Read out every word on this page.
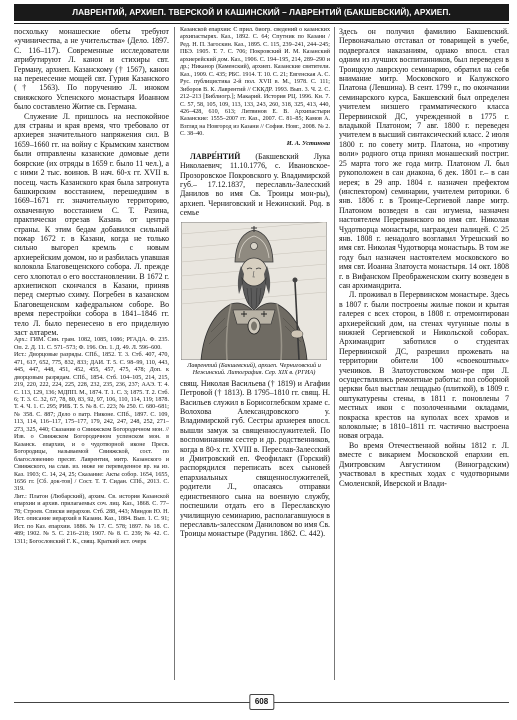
ЛАВРЕНТИЙ, АРХИЕП. ТВЕРСКОЙ И КАШИНСКИЙ – ЛАВРЕНТИЙ (БАКШЕВСКИЙ), АРХИЕП.

посхольку монашеские обеты требуют «учиничества, а не учительства» (Дело. 1897. С. 116–117). Современные исследователи атрибутируют Л. канон и стихиры свт. Герману, архиеп. Казанскому († 1567), канон на перенесение мощей свт. Гурия Казанского († 1563). По поручению Л. иноком свияжского Успенского монастыря Иоанном было составлено Житие св. Германа.

Служение Л. пришлось на неспокойное для страны и края время, что требовало от архиерея значительного напряжения сил. В 1659–1660 гг. на войну с Крымским ханством были отправлены казанские домовые дети боярские (их отряды в 1659 г. было 11 чел.), а с ними 2 тыс. воинов. В нач. 60-х гг. XVII в. посещ. часть Казанского края была затронута башкирским восстанием, перешедшим в 1669–1671 гг. значительную территорию, охваченную восстанием С. Т. Разина, практически отрезав Казань от центра страны. К этим бедам добавился сильный пожар 1672 г. в Казани, когда не только сильно выгорел кремль с новым архиерейским домом, но и разбилась упавшая колокола Благовещенского собора. Л. прежде сего хлопотал о его восстановлении. В 1672 г. архиепископ скончался в Казани, приняв перед смертью схиму. Погребен в казанском Благовещенском кафедральном соборе. Во время перестройки собора в 1841–1846 гг. тело Л. было перенесено в его приделную заст алтарем.

Арх.: ГИМ. Син. грам. 1082, 1085, 1086; РГАДА. Ф. 235. Оп. 2. Д. 11. С. 571–573; Ф. 196. Оп. 1. Д. 49. Л. 596–600.
Ист.: Дворцовые разряды. СПб., 1852. Т. 3. Стб. 407, 470, 471, 617, 652, 775, 832, 833; ДАИ. Т. 5. С. 98–99, 110, 443, 445, 447, 448, 451, 452, 455, 457, 475, 478; Доп. к дворцовым разрядам. СПб., 1854. Стб. 104–105, 214, 215, 219, 220, 222, 224, 225, 228, 232, 235, 236, 237; ААЭ. Т. 4. С. 113, 129, 136; МДПП. М., 1874. Т. 1. С. 3; 1875. Т. 2. Стб. 6; Т. 3. С. 32, 67, 78, 80, 83, 92, 97, 106, 110, 114, 119; 1878. Т. 4. Ч. 1. С. 295; РИБ. Т. 5. № 8. С. 223; № 250. С. 680–681; № 358. С. 887; Дело о патр. Никоне. СПб., 1897. С. 109, 113, 114, 116–117, 175–177, 179, 242, 247, 248, 252, 271–273, 325, 440; Сказание о Свияжском Богородичном мон. // Изв. о Свияжском Богородичном успенском мон. в Казанск. епархии, и о чудотворной иконе Пресв. Богородицы, называемой Свияжской, сост. по благословению пресвт. Лаврентия, митр. Казанского и Свияжского, на слав. из. ниже не переведенное вр. на из. Каз. 1903; С. 14, 24, 25; Сказание: Акты собор. 1654, 1655, 1656 гг. [Сб. док-тов] / Сост. Т. Т. Сидан. СПб., 2013. С. 319.

Лит.: Платон (Любарский), архим. Св. история Казанской епархии и архив. прилагаемых соч. лиц. Каз., 1868. С. 77–78; Строев. Списки иерархов. Стб. 288, 443; Миндов Ю. Н. Ист. описание иерархий в Казани. Каз., 1884. Вып. 1. С. 91; Ист. по Каз. епархии. 1886. № 17. С. 578; 1897. № 18. С. 489; 1902. № 5. С. 216–218; 1907. № 8. С. 239; № 42. С. 1311; Богословский Г. К., свящ. Краткий ист. очерк

Казанской епархии: С прил. биогр. сведений о казанских архипастырях. Каз., 1892. С. 64; Спутник по Казани / Ред. Н. П. Загоскин. Каз., 1895. С. 115, 239–241, 244–245; ПБЭ. 1905. Т. 7. С. 706; Покровский И. М. Казанский архиерейский дом. Каз., 1906. С. 194–195, 214, 289–290 и др.; Никанор (Каменский), архиеп. Казанские святители. Каз., 1909. С. 435; РБС. 1914. Т. 10. С. 21; Евгенская А. С. Рус. публицистика 2-й пол. XVII в. М., 1978. С. 111; Зиборов В. К. Лаврентий // СККДР. 1993. Вып. 3. Ч. 2. С. 212–213 [Библиогр.]; Макарий. История РЦ. 1996. Кн. 7. С. 57, 58, 105, 109, 113, 133, 243, 260, 318, 325, 413, 440, 426–428, 610, 613; Литвинов Е. В. Архипастыри Казанские: 1555–2007 гг. Каз., 2007. С. 81–85; Камов А. Взгляд на Новгород из Казани // София. Новг., 2008. № 2. С. 38–40.

И. А. Устинова

ЛАВРЕ́НТИЙ (Бакшевский Лука Николаевич; 11.10.1776, с. Ивановское-Прозоровское Покровского у. Владимирской губ.– 17.12.1837, переславль-Залесский Данилов во имя Св. Троицы мон-ры), архиеп. Черниговский и Нежинский. Род. в семье

Лаврентий (Бакшевский), архиеп. Черниговский и Нежинский. Литография. Сер. XIX в. (РГИА)

свящ. Николая Васильева († 1819) и Агафии Петровой († 1813). В 1795–1810 гг. свящ. Н. Васильев служил в Борисоглебском храме с. Волохова Александровского у. Владимирской губ. Сестры архиерея впосл. вышли замуж за священнослужителей. По воспоминаниям сестер и др. родственников, когда в 80-х гг. XVIII в. Переслав-Залесский и Дмитровский еп. Феофилакт (Горский) распорядился переписать всех сыновей епархиальных священнослужителей, родители Л., опасаясь отправки единственного сына на военную службу, поспешили отдать его в Переславскую училищную семинарию, располагавшуюся в переславль-залесском Даниловом во имя Св. Троицы монастыре (Радугин. 1862. С. 442).

Здесь он получил фамилию Бакшевский. Первоначально отставал от товарищей в учебе, подвергался наказаниям, однако впосл. стал одним из лучших воспитанников, был переведен в Троицкую лаврскую семинарию, обратил на себя внимание митр. Московского и Калужского Платона (Левшина). В сент. 1799 г., по окончании семинарского курса, Бакшевский был определен учителем низшего грамматического класса Перервинской ДС, учрежденной в 1775 г. владыкой Платоном; 7 авг. 1800 г. переведен учителем в высший синтаксический класс. 2 июля 1800 г. по совету митр. Платона, но «противу воли» родного отца принял монашеский постриг. 25 марта того же года митр. Платоном Л. был рукоположен в сан диакона, 6 дек. 1801 г.– в сан иерея; в 29 апр. 1804 г. назначен префектом (инспектором) семинарии, учителем риторики. 6 янв. 1806 г. в Троице-Сергиевой лавре митр. Платоном возведен в сан игумена, назначен настоятелем Перервинского во имя свт. Николая Чудотворца монастыря, награжден палицей. С 25 янв. 1808 г. ненадолго возглавил Угрешский во имя свт. Николая Чудотворца монастырь. В том же году был назначен настоятелем московского во имя свт. Иоанна Златоуста монастыря. 14 окт. 1808 г. в Вифанском Преображенском скиту возведен в сан архимандрита.

Л. проживал в Перервинском монастыре. Здесь в 1807 г. были построены жилые покои и крытая галерея с всех сторон, в 1808 г. отремонтирован архиерейский дом, на стенах чугунные полы в нижней Сергиевской и Никольской соборах. Архимандрит заботился о студентах Перервинской ДС, разрешил прожевать на территории обители 100 «своекоштных» учеников. В Златоустовском мон-ре при Л. осуществлялись ремонтные работы: пол соборной церкви был выстлан лещадью (плиткой), в 1809 г. оштукатурены стены, в 1811 г. поновлены 7 местных икон с позолоченными окладами, покраска крестов на куполах всех храмов и колокольне; в 1810–1811 гг. частично выстроена новая ограда.

Во время Отечественной войны 1812 г. Л. вместе с викарием Московской епархии еп. Дмитровским Августином (Виноградским) участвовал в крестных ходах с чудотворными Смоленской, Иверской и Влади-

608
